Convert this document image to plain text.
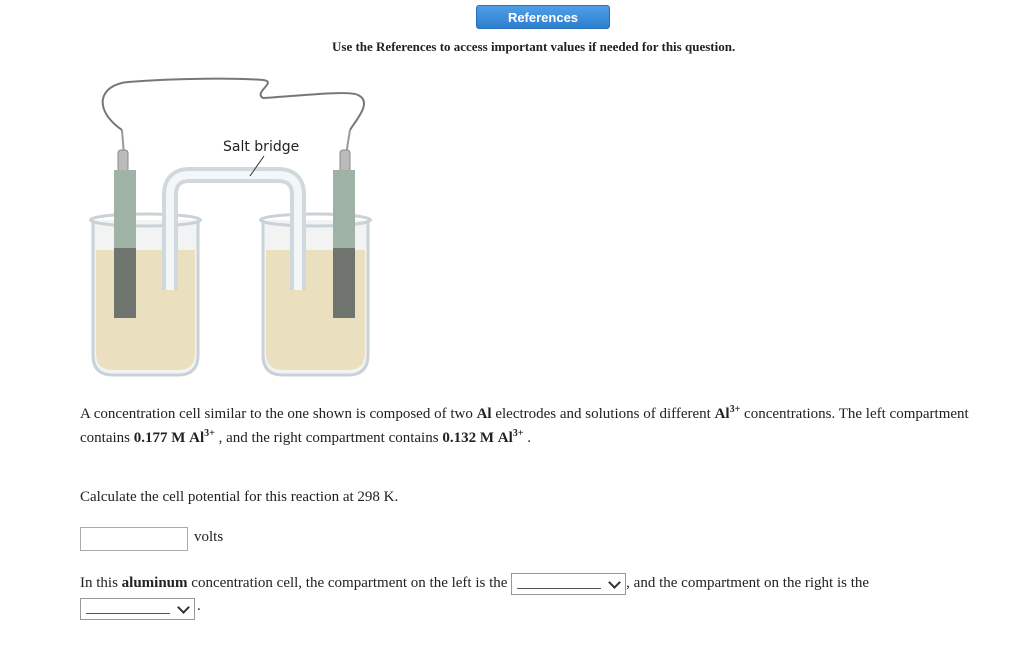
References
Use the References to access important values if needed for this question.
Salt bridge
A concentration cell similar to the one shown is composed of two Al electrodes and solutions of different $Al^{3+}$ concentrations. The left compartment contains 0.177 M $Al^{3+}$ , and the right compartment contains 0.132 M $Al^{3+}$ .
Calculate the cell potential for this reaction at 298 K.
volts
In this aluminum concentration cell, the compartment on the left is the	, and the compartment on the right is the
.
